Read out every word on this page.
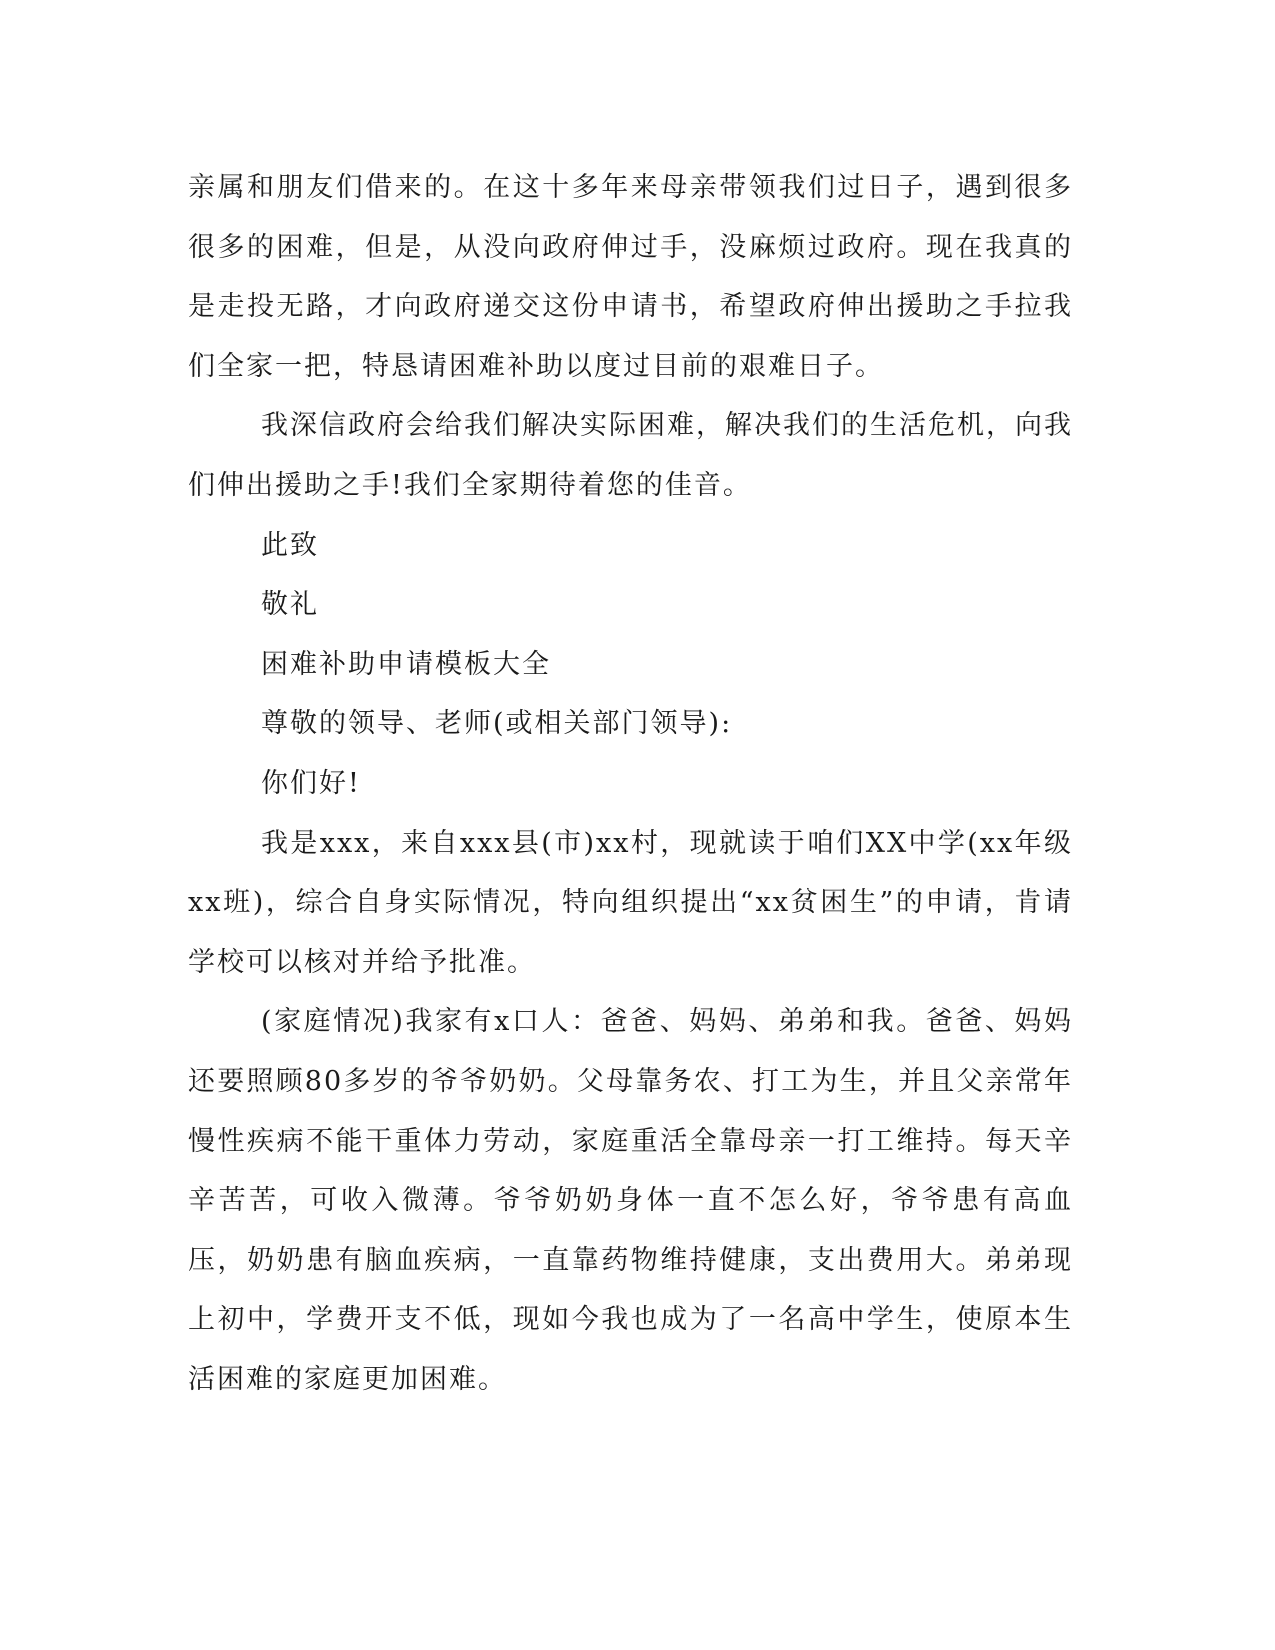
亲属和朋友们借来的。在这十多年来母亲带领我们过日子，遇到很多很多的困难，但是，从没向政府伸过手，没麻烦过政府。现在我真的是走投无路，才向政府递交这份申请书，希望政府伸出援助之手拉我们全家一把，特恳请困难补助以度过目前的艰难日子。

我深信政府会给我们解决实际困难，解决我们的生活危机，向我们伸出援助之手!我们全家期待着您的佳音。

此致

敬礼

困难补助申请模板大全

尊敬的领导、老师(或相关部门领导):

你们好!

我是xxx，来自xxx县(市)xx村，现就读于咱们XX中学(xx年级xx班)，综合自身实际情况，特向组织提出“xx贫困生”的申请，肯请学校可以核对并给予批准。

(家庭情况)我家有x口人：爸爸、妈妈、弟弟和我。爸爸、妈妈还要照顾80多岁的爷爷奶奶。父母靠务农、打工为生，并且父亲常年慢性疾病不能干重体力劳动，家庭重活全靠母亲一打工维持。每天辛辛苦苦，可收入微薄。爷爷奶奶身体一直不怎么好，爷爷患有高血压，奶奶患有脑血疾病，一直靠药物维持健康，支出费用大。弟弟现上初中，学费开支不低，现如今我也成为了一名高中学生，使原本生活困难的家庭更加困难。
